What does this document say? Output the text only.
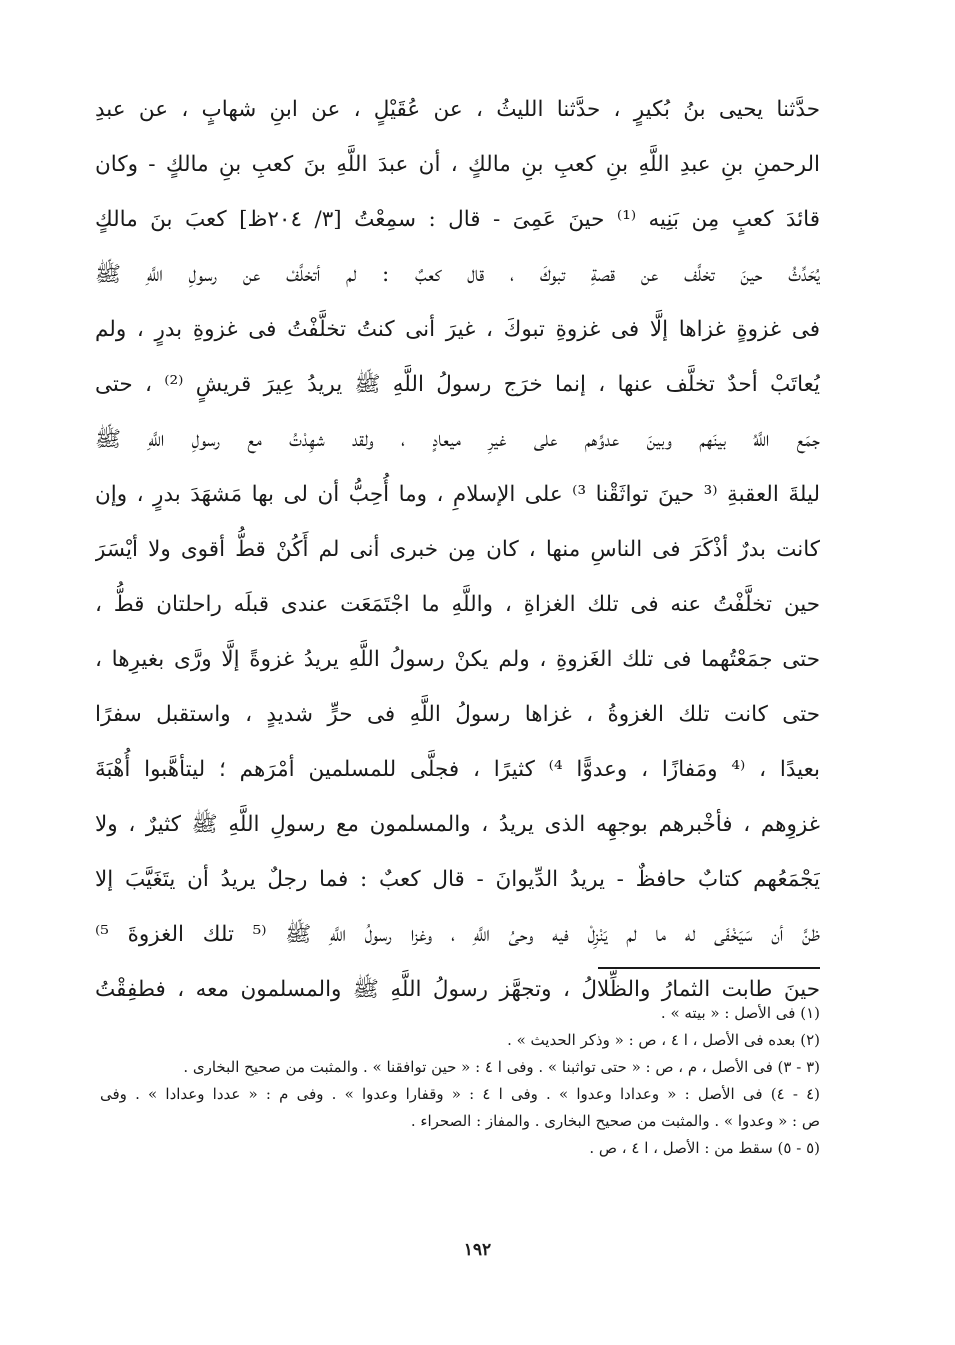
حدَّثنا يحيى بنُ بُكيرٍ ، حدَّثنا الليثُ ، عن عُقَيْلٍ ، عن ابنِ شهابٍ ، عن عبدِ
الرحمنِ بنِ عبدِ اللَّهِ بنِ كعبِ بنِ مالكٍ ، أن عبدَ اللَّهِ بنَ كعبِ بنِ مالكٍ - وكان
قائدَ كعبٍ مِن بَنِيه ⁽¹⁾ حينَ عَمِىَ - قال : سمِعْتُ [٣/ ٢٠٤ظ] كعبَ بنَ مالكٍ
يُحَدِّثُ حينَ تخلَّف عن قصةِ تبوكَ ، قال كعبٌ : لم أتخلَّفْ عن رسولِ اللَّهِ ﷺ
فى غزوةٍ غزاها إلَّا فى غزوةِ تبوكَ ، غيرَ أنى كنتُ تخلَّفْتُ فى غزوةِ بدرٍ ، ولم
يُعاتَبْ أحدٌ تخلَّف عنها ، إنما خرَج رسولُ اللَّهِ ﷺ يريدُ عِيرَ قريشٍ ⁽²⁾ ، حتى
جمَع اللَّهُ بينَهم وبينَ عدوِّهم على غيرِ ميعادٍ ، ولقد شهِدْتُ مع رسولِ اللَّهِ ﷺ
ليلةَ العقبةِ ⁽³ حينَ تواثَقْنا ³⁾ على الإسلامِ ، وما أُحِبُّ أن لى بها مَشهَدَ بدرٍ ، وإن
كانت بدرٌ أذْكَرَ فى الناسِ منها ، كان مِن خبرى أنى لم أَكُنْ قطُّ أقوى ولا أيْسَرَ
حين تخلَّفْتُ عنه فى تلك الغزاةِ ، واللَّهِ ما اجْتَمَعَت عندى قبلَه راحلتان قطُّ ،
حتى جمَعْتُهما فى تلك الغَزوةِ ، ولم يكنْ رسولُ اللَّهِ يريدُ غزوةً إلَّا ورَّى بغيرِها ،
حتى كانت تلك الغزوةُ ، غزاها رسولُ اللَّهِ فى حرٍّ شديدٍ ، واستقبل سفرًا
بعيدًا ، ⁽⁴ ومَفازًا ، وعدوًّا ⁴⁾ كثيرًا ، فجلَّى للمسلمين أمْرَهم ؛ ليتأهَّبوا أُهْبَةَ
غزوِهم ، فأخْبرهم بوجهِه الذى يريدُ ، والمسلمون مع رسولِ اللَّهِ ﷺ كثيرٌ ، ولا
يَجْمَعُهم كتابٌ حافظٌ - يريدُ الدِّيوانَ - قال كعبٌ : فما رجلٌ يريدُ أن يتَغَيَّبَ إلا
ظنَّ أن سَيَخْفَى له ما لم يَنْزِلْ فيه وحىُ اللَّهِ ، وغزا رسولُ اللَّهِ ﷺ ⁽⁵ تلك الغزوةَ ⁵⁾
حينَ طابت الثمارُ والظِّلالُ ، وتجهَّز رسولُ اللَّهِ ﷺ والمسلمون معه ، فطفِقْتُ
(١) فى الأصل : « بيته » .
(٢) بعده فى الأصل ، ا ٤ ، ص : « وذكر الحديث » .
(٣ - ٣) فى الأصل ، م ، ص : « حتى تواثبنا » . وفى ا ٤ : « حين توافقنا » . والمثبت من صحيح البخارى .
(٤ - ٤) فى الأصل : « وعدادا وعدوا » . وفى ا ٤ : « وقفارا وعدوا » . وفى م : « عددا وعدادا » . وفى
ص : « وعدوا » . والمثبت من صحيح البخارى . والمفاز : الصحراء .
(٥ - ٥) سقط من : الأصل ، ا ٤ ، ص .
١٩٢
